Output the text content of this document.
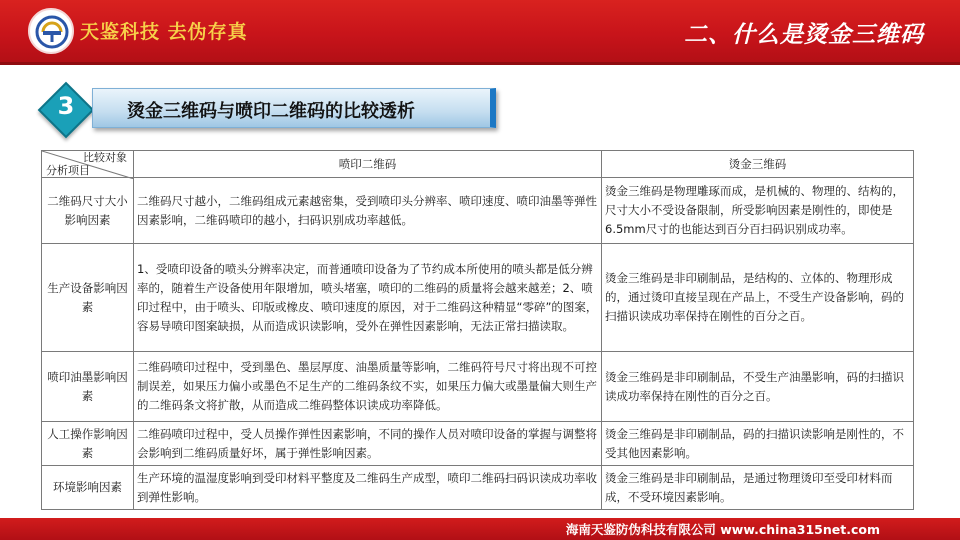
天鉴科技 去伪存真	二、什么是烫金三维码
3	烫金三维码与喷印二维码的比较透析
比较对象
分析项目	喷印二维码	烫金三维码
二维码尺寸大小影响因素	二维码尺寸越小，二维码组成元素越密集，受到喷印头分辨率、喷印速度、喷印油墨等弹性因素影响，二维码喷印的越小，扫码识别成功率越低。	烫金三维码是物理雕琢而成，是机械的、物理的、结构的，尺寸大小不受设备限制，所受影响因素是刚性的，即使是6.5mm尺寸的也能达到百分百扫码识别成功率。
生产设备影响因素	1、受喷印设备的喷头分辨率决定，而普通喷印设备为了节约成本所使用的喷头都是低分辨率的，随着生产设备使用年限增加，喷头堵塞，喷印的二维码的质量将会越来越差；2、喷印过程中，由于喷头、印版或橡皮、喷印速度的原因，对于二维码这种精显“零碎”的图案，容易导喷印图案缺损，从而造成识读影响，受外在弹性因素影响，无法正常扫描读取。	烫金三维码是非印刷制品，是结构的、立体的、物理形成的，通过烫印直接呈现在产品上，不受生产设备影响，码的扫描识读成功率保持在刚性的百分之百。
喷印油墨影响因素	二维码喷印过程中，受到墨色、墨层厚度、油墨质量等影响，二维码符号尺寸将出现不可控制误差，如果压力偏小或墨色不足生产的二维码条纹不实，如果压力偏大或墨量偏大则生产的二维码条文将扩散，从而造成二维码整体识读成功率降低。	烫金三维码是非印刷制品，不受生产油墨影响，码的扫描识读成功率保持在刚性的百分之百。
人工操作影响因素	二维码喷印过程中，受人员操作弹性因素影响，不同的操作人员对喷印设备的掌握与调整将会影响到二维码质量好坏，属于弹性影响因素。	烫金三维码是非印刷制品，码的扫描识读影响是刚性的，不受其他因素影响。
环境影响因素	生产环境的温湿度影响到受印材料平整度及二维码生产成型，喷印二维码扫码识读成功率收到弹性影响。	烫金三维码是非印刷制品，是通过物理烫印至受印材料而成，不受环境因素影响。
海南天鉴防伪科技有限公司 www.china315net.com
